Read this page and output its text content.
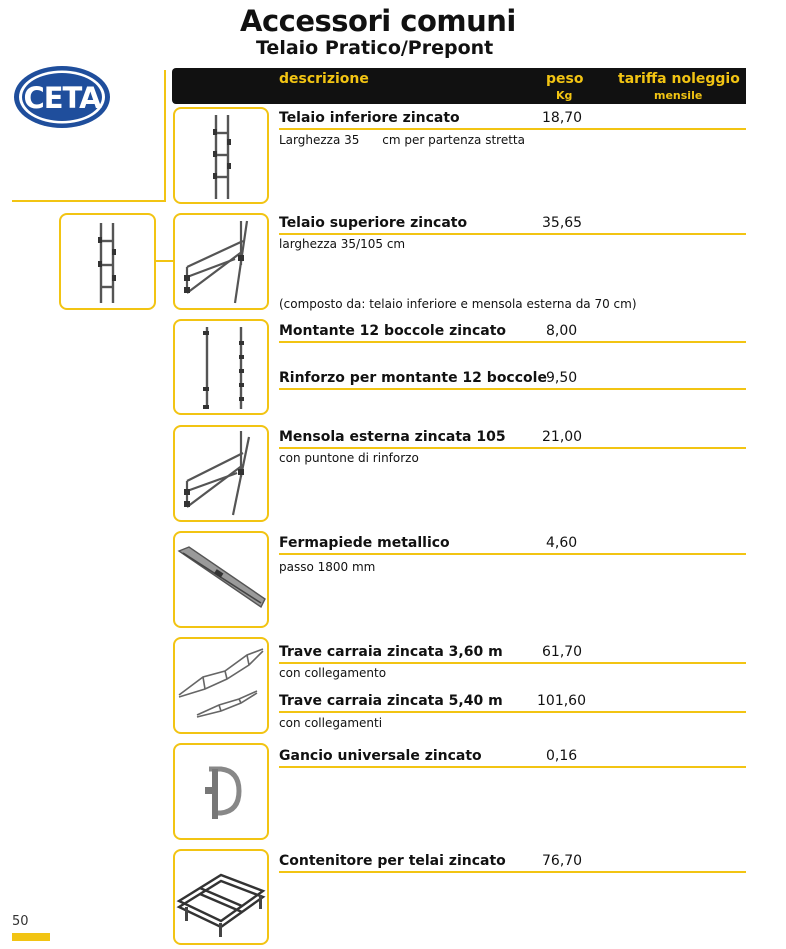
Accessori comuni
Telaio Pratico/Prepont
CETA
descrizione	peso
Kg
tariffa noleggio
mensile
Telaio inferiore zincato	18,70
Larghezza 35      cm per partenza stretta
Telaio superiore zincato	35,65
larghezza 35/105 cm
(composto da: telaio inferiore e mensola esterna da 70 cm)
Montante 12 boccole zincato	8,00
Rinforzo per montante 12 boccole 9,50
Mensola esterna zincata 105	21,00
con puntone di rinforzo
Fermapiede metallico	4,60
passo 1800 mm
Trave carraia zincata 3,60 m	61,70
con collegamento
Trave carraia zincata 5,40 m 101,60
con collegamenti
Gancio universale zincato	0,16
Contenitore per telai zincato	76,70
50
